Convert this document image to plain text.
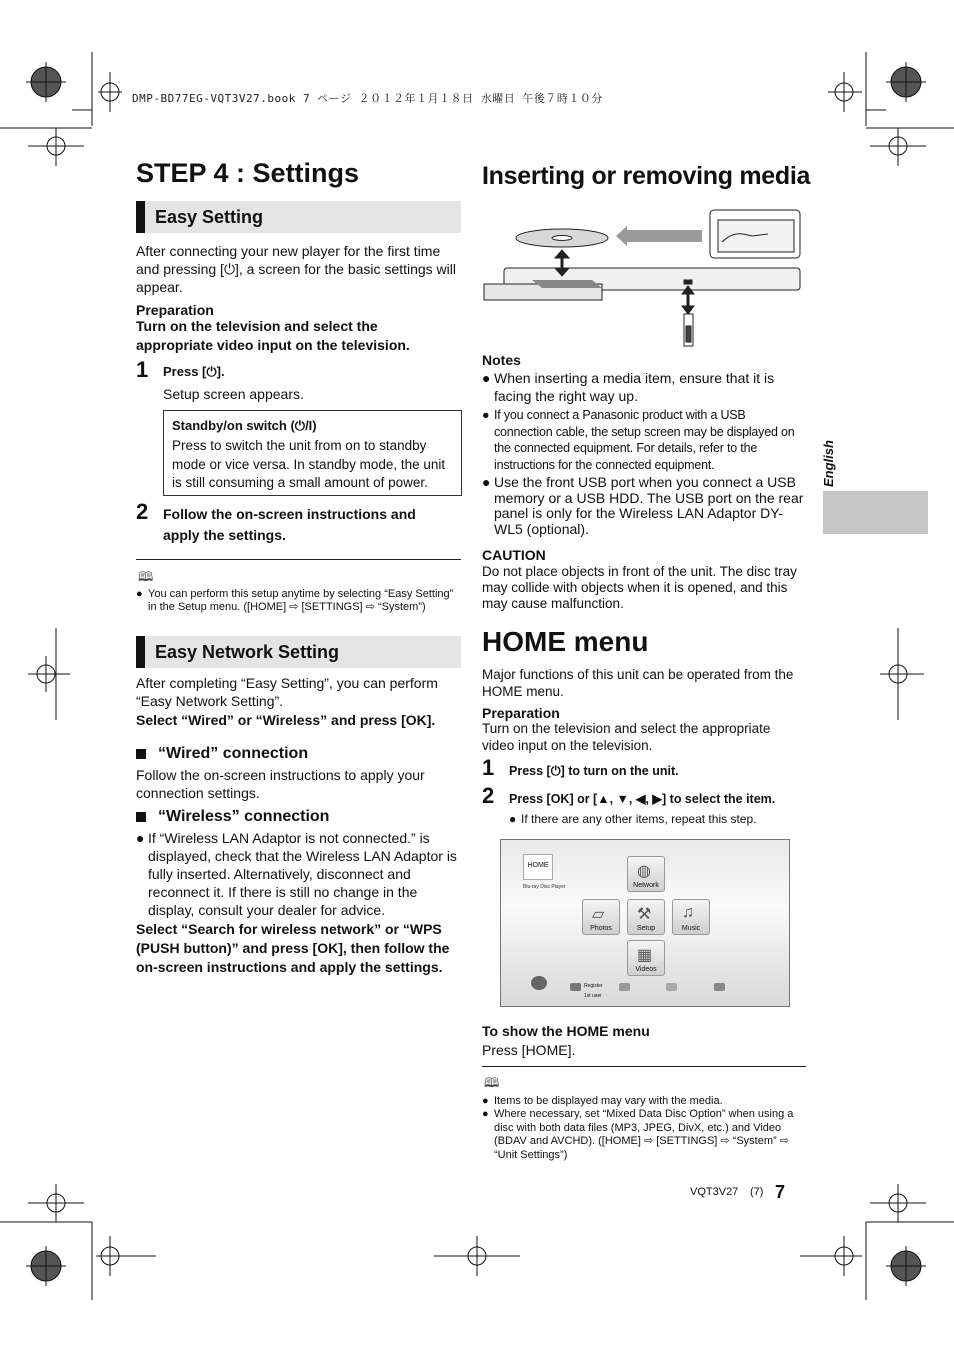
DMP-BD77EG-VQT3V27.book 7 ページ ２０１２年１月１８日 水曜日 午後７時１０分
STEP 4 : Settings
Easy Setting
After connecting your new player for the first time and pressing [⏻], a screen for the basic settings will appear.
Preparation
Turn on the television and select the appropriate video input on the television.
1 Press [⏻].
Setup screen appears.
Standby/on switch (⏻/I)
Press to switch the unit from on to standby mode or vice versa. In standby mode, the unit is still consuming a small amount of power.
2 Follow the on-screen instructions and apply the settings.
🕮
● You can perform this setup anytime by selecting “Easy Setting” in the Setup menu. ([HOME] ⇨ [SETTINGS] ⇨ “System”)
Easy Network Setting
After completing “Easy Setting”, you can perform “Easy Network Setting”.
Select “Wired” or “Wireless” and press [OK].
“Wired” connection
Follow the on-screen instructions to apply your connection settings.
“Wireless” connection
● If “Wireless LAN Adaptor is not connected.” is displayed, check that the Wireless LAN Adaptor is fully inserted. Alternatively, disconnect and reconnect it. If there is still no change in the display, consult your dealer for advice.
Select “Search for wireless network” or “WPS (PUSH button)” and press [OK], then follow the on-screen instructions and apply the settings.
Inserting or removing media
Notes
● When inserting a media item, ensure that it is facing the right way up.
● If you connect a Panasonic product with a USB connection cable, the setup screen may be displayed on the connected equipment. For details, refer to the instructions for the connected equipment.
● Use the front USB port when you connect a USB memory or a USB HDD. The USB port on the rear panel is only for the Wireless LAN Adaptor DY-WL5 (optional).
CAUTION
Do not place objects in front of the unit. The disc tray may collide with objects when it is opened, and this may cause malfunction.
HOME menu
Major functions of this unit can be operated from the HOME menu.
Preparation
Turn on the television and select the appropriate video input on the television.
1 Press [⏻] to turn on the unit.
2 Press [OK] or [▲, ▼, ◀, ▶] to select the item.
● If there are any other items, repeat this step.
HOME
Blu-ray Disc Player
◍
Network
▱
Photos
⚒
Setup
♫
Music
▦
Videos
Register
1st user
To show the HOME menu
Press [HOME].
🕮
● Items to be displayed may vary with the media.
● Where necessary, set “Mixed Data Disc Option” when using a disc with both data files (MP3, JPEG, DivX, etc.) and Video (BDAV and AVCHD). ([HOME] ⇨ [SETTINGS] ⇨ “System” ⇨ “Unit Settings”)
English
VQT3V27 (7) 7
